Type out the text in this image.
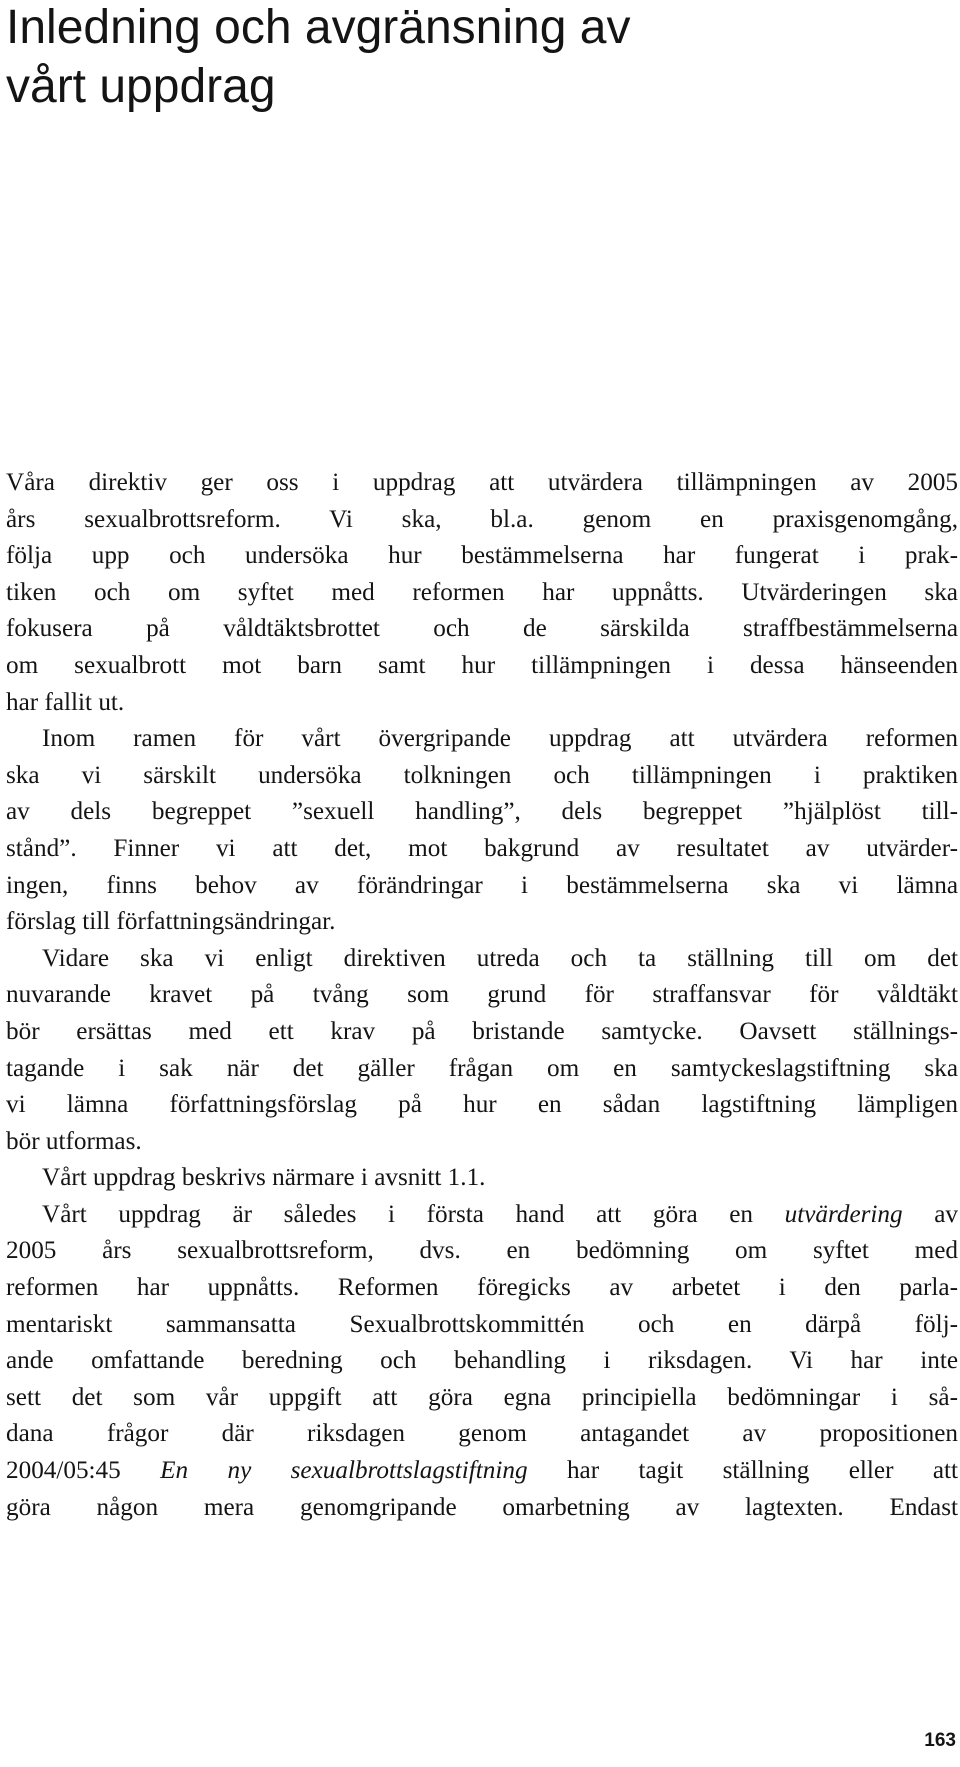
Inledning och avgränsning av
vårt uppdrag
Våra direktiv ger oss i uppdrag att utvärdera tillämpningen av 2005
års sexualbrottsreform. Vi ska, bl.a. genom en praxisgenomgång,
följa upp och undersöka hur bestämmelserna har fungerat i prak-
tiken och om syftet med reformen har uppnåtts. Utvärderingen ska
fokusera på våldtäktsbrottet och de särskilda straffbestämmelserna
om sexualbrott mot barn samt hur tillämpningen i dessa hänseenden
har fallit ut.
Inom ramen för vårt övergripande uppdrag att utvärdera reformen
ska vi särskilt undersöka tolkningen och tillämpningen i praktiken
av dels begreppet ”sexuell handling”, dels begreppet ”hjälplöst till-
stånd”. Finner vi att det, mot bakgrund av resultatet av utvärder-
ingen, finns behov av förändringar i bestämmelserna ska vi lämna
förslag till författningsändringar.
Vidare ska vi enligt direktiven utreda och ta ställning till om det
nuvarande kravet på tvång som grund för straffansvar för våldtäkt
bör ersättas med ett krav på bristande samtycke. Oavsett ställnings-
tagande i sak när det gäller frågan om en samtyckeslagstiftning ska
vi lämna författningsförslag på hur en sådan lagstiftning lämpligen
bör utformas.
Vårt uppdrag beskrivs närmare i avsnitt 1.1.
Vårt uppdrag är således i första hand att göra en utvärdering av
2005 års sexualbrottsreform, dvs. en bedömning om syftet med
reformen har uppnåtts. Reformen föregicks av arbetet i den parla-
mentariskt sammansatta Sexualbrottskommittén och en därpå följ-
ande omfattande beredning och behandling i riksdagen. Vi har inte
sett det som vår uppgift att göra egna principiella bedömningar i så-
dana frågor där riksdagen genom antagandet av propositionen
2004/05:45 En ny sexualbrottslagstiftning har tagit ställning eller att
göra någon mera genomgripande omarbetning av lagtexten. Endast
163
